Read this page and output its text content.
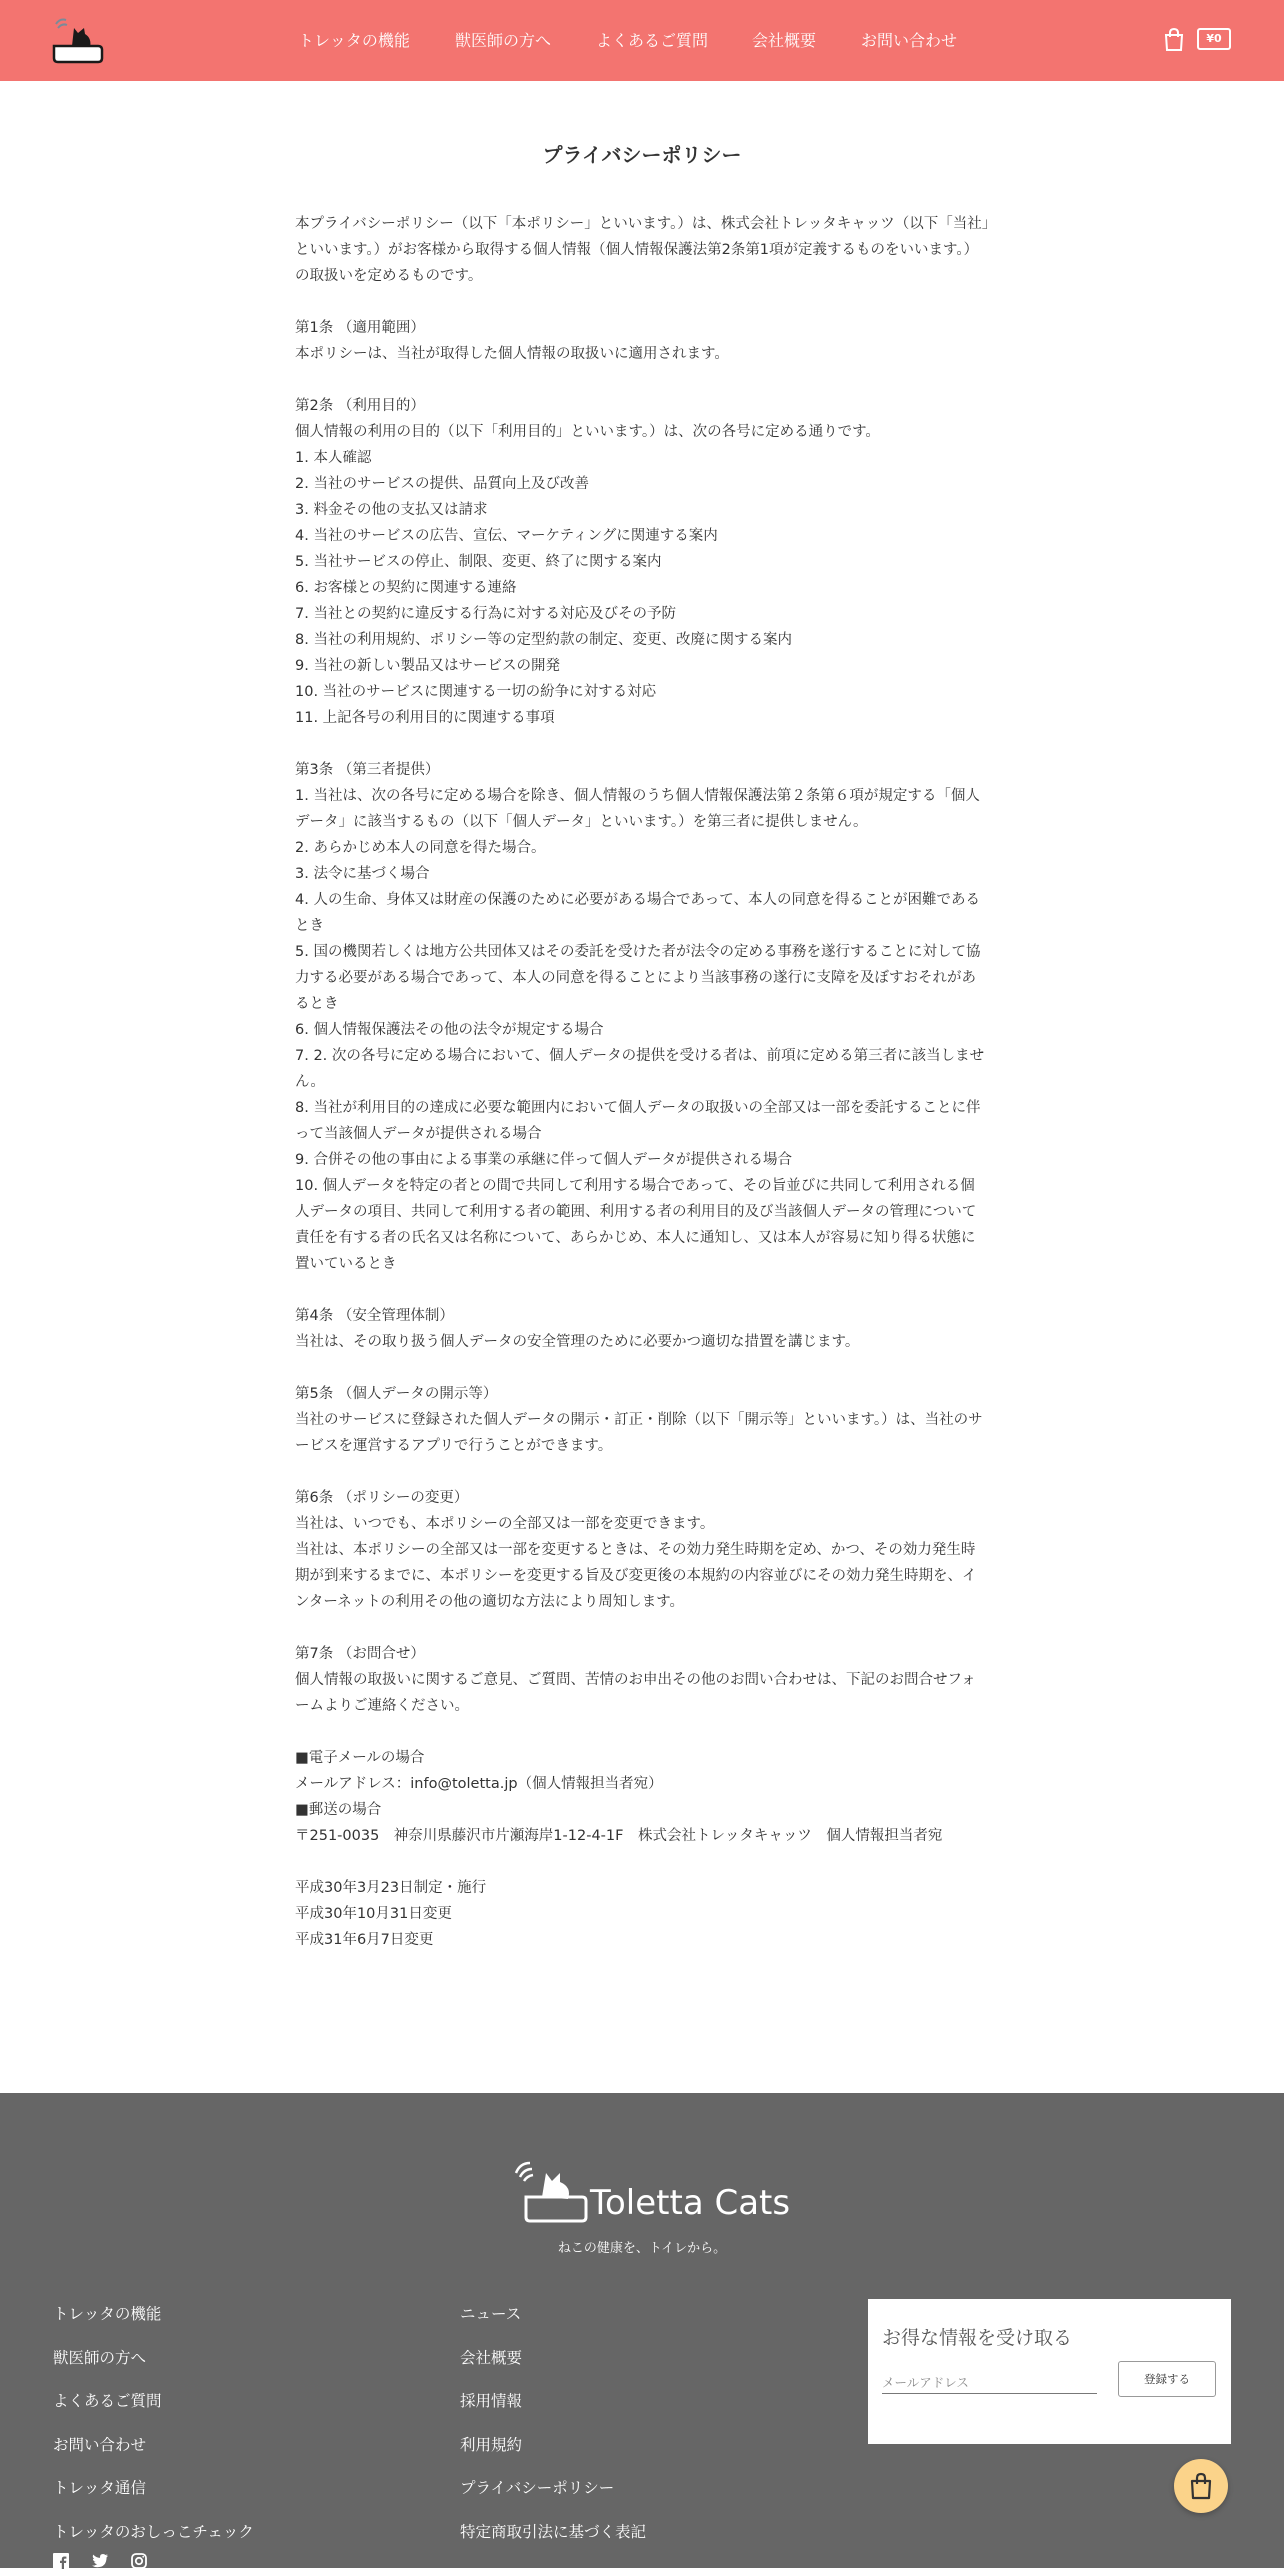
トレッタの機能	獣医師の方へ	よくあるご質問	会社概要	お問い合わせ	¥0
プライバシーポリシー

本プライバシーポリシー（以下「本ポリシー」といいます。）は、株式会社トレッタキャッツ（以下「当社」といいます。）がお客様から取得する個人情報（個人情報保護法第2条第1項が定義するものをいいます。）の取扱いを定めるものです。

第1条 （適用範囲）

本ポリシーは、当社が取得した個人情報の取扱いに適用されます。

第2条 （利用目的）

個人情報の利用の目的（以下「利用目的」といいます。）は、次の各号に定める通りです。

1. 本人確認

2. 当社のサービスの提供、品質向上及び改善

3. 料金その他の支払又は請求

4. 当社のサービスの広告、宣伝、マーケティングに関連する案内

5. 当社サービスの停止、制限、変更、終了に関する案内

6. お客様との契約に関連する連絡

7. 当社との契約に違反する行為に対する対応及びその予防

8. 当社の利用規約、ポリシー等の定型約款の制定、変更、改廃に関する案内

9. 当社の新しい製品又はサービスの開発

10. 当社のサービスに関連する一切の紛争に対する対応

11. 上記各号の利用目的に関連する事項

第3条 （第三者提供）

1. 当社は、次の各号に定める場合を除き、個人情報のうち個人情報保護法第２条第６項が規定する「個人データ」に該当するもの（以下「個人データ」といいます。）を第三者に提供しません。

2. あらかじめ本人の同意を得た場合。

3. 法令に基づく場合

4. 人の生命、身体又は財産の保護のために必要がある場合であって、本人の同意を得ることが困難であるとき

5. 国の機関若しくは地方公共団体又はその委託を受けた者が法令の定める事務を遂行することに対して協力する必要がある場合であって、本人の同意を得ることにより当該事務の遂行に支障を及ぼすおそれがあるとき

6. 個人情報保護法その他の法令が規定する場合

7. 2. 次の各号に定める場合において、個人データの提供を受ける者は、前項に定める第三者に該当しません。

8. 当社が利用目的の達成に必要な範囲内において個人データの取扱いの全部又は一部を委託することに伴って当該個人データが提供される場合

9. 合併その他の事由による事業の承継に伴って個人データが提供される場合

10. 個人データを特定の者との間で共同して利用する場合であって、その旨並びに共同して利用される個人データの項目、共同して利用する者の範囲、利用する者の利用目的及び当該個人データの管理について責任を有する者の氏名又は名称について、あらかじめ、本人に通知し、又は本人が容易に知り得る状態に置いているとき

第4条 （安全管理体制）

当社は、その取り扱う個人データの安全管理のために必要かつ適切な措置を講じます。

第5条 （個人データの開示等）

当社のサービスに登録された個人データの開示・訂正・削除（以下「開示等」といいます。）は、当社のサービスを運営するアプリで行うことができます。

第6条 （ポリシーの変更）

当社は、いつでも、本ポリシーの全部又は一部を変更できます。

当社は、本ポリシーの全部又は一部を変更するときは、その効力発生時期を定め、かつ、その効力発生時期が到来するまでに、本ポリシーを変更する旨及び変更後の本規約の内容並びにその効力発生時期を、インターネットの利用その他の適切な方法により周知します。

第7条 （お問合せ）

個人情報の取扱いに関するご意見、ご質問、苦情のお申出その他のお問い合わせは、下記のお問合せフォームよりご連絡ください。

■電子メールの場合

メールアドレス：info@toletta.jp（個人情報担当者宛）

■郵送の場合

〒251-0035　神奈川県藤沢市片瀬海岸1-12-4-1F　株式会社トレッタキャッツ　個人情報担当者宛

平成30年3月23日制定・施行

平成30年10月31日変更

平成31年6月7日変更

Toletta Cats
ねこの健康を、トイレから。
トレッタの機能
獣医師の方へ
よくあるご質問
お問い合わせ
トレッタ通信
トレッタのおしっこチェック
ニュース
会社概要
採用情報
利用規約
プライバシーポリシー
特定商取引法に基づく表記
お得な情報を受け取る
メールアドレス
登録する
